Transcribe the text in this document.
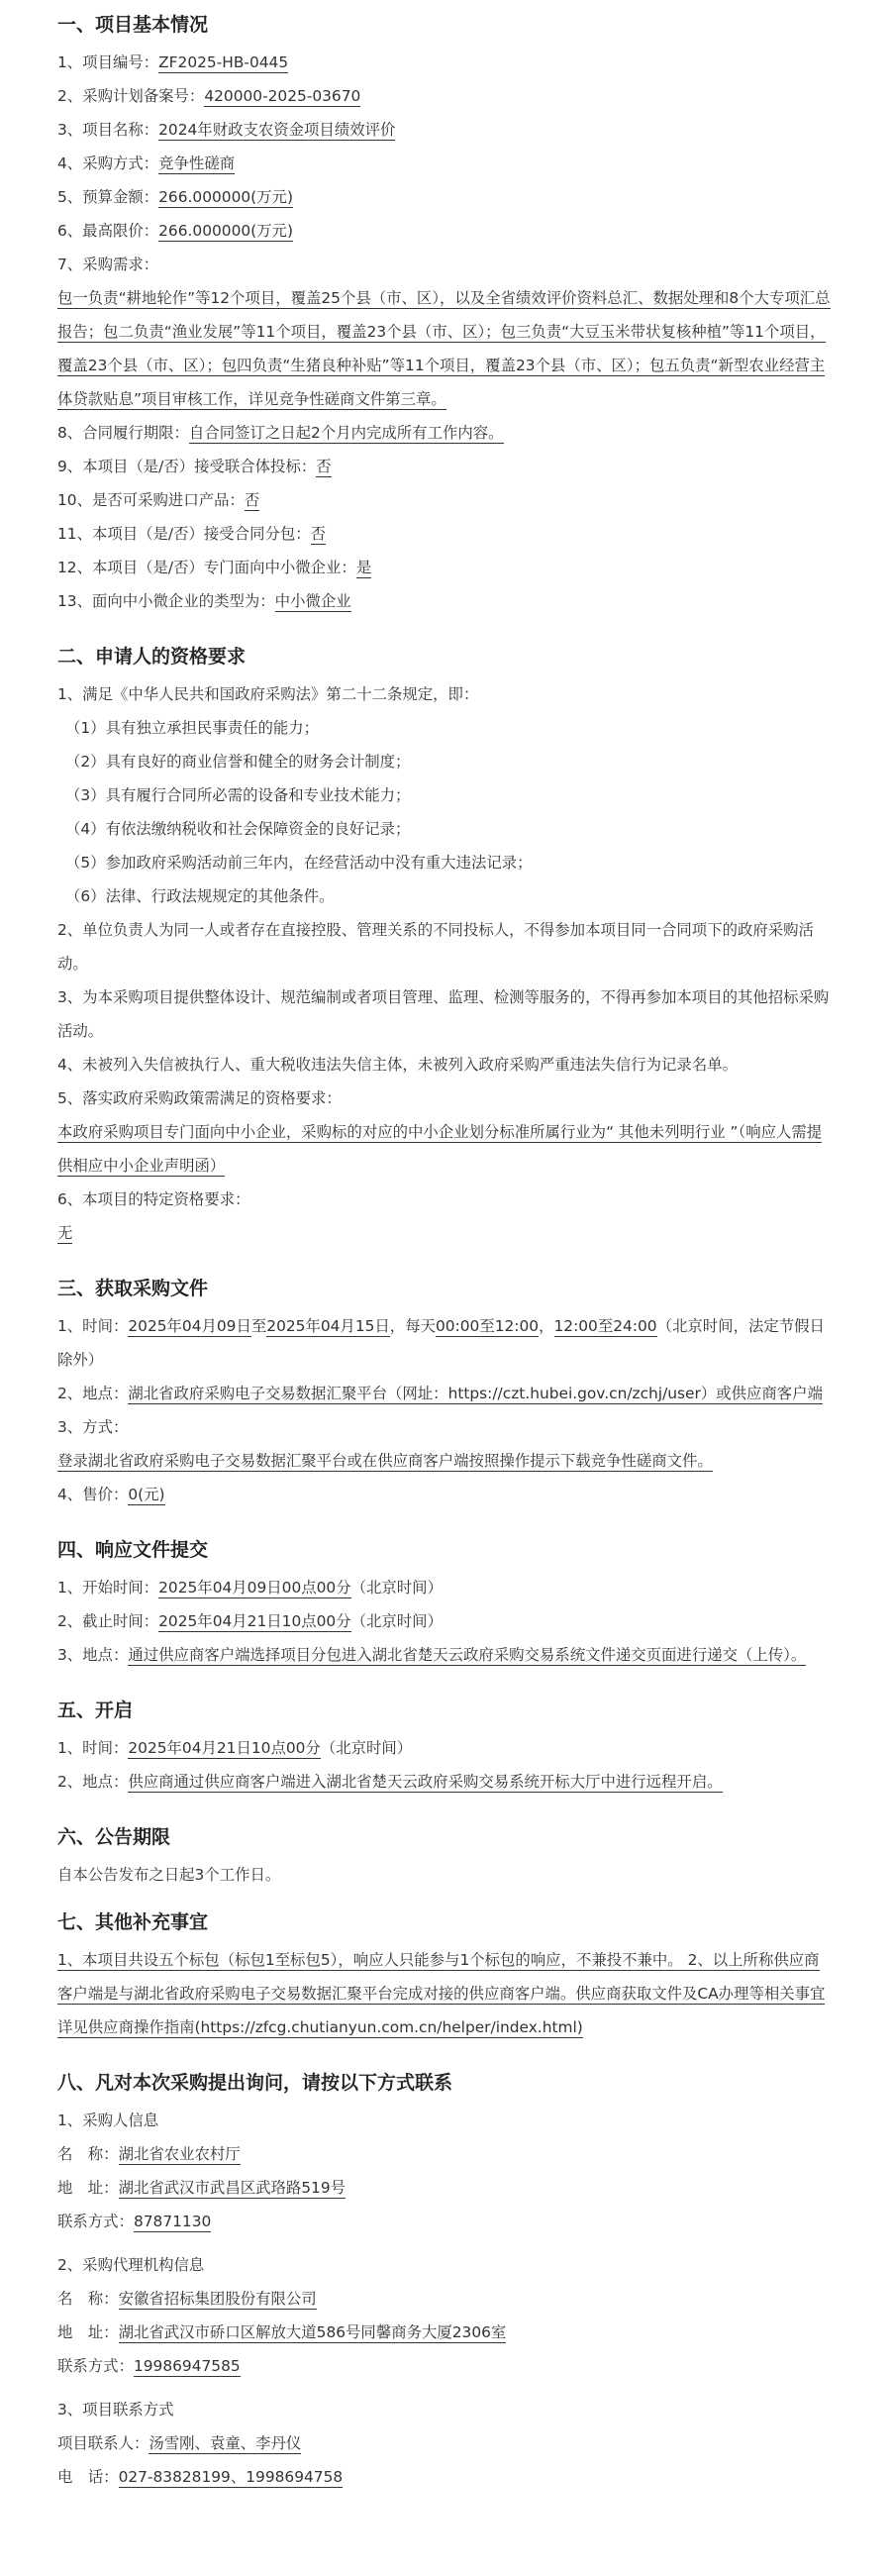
一、项目基本情况
1、项目编号：ZF2025-HB-0445
2、采购计划备案号：420000-2025-03670
3、项目名称：2024年财政支农资金项目绩效评价
4、采购方式：竞争性磋商
5、预算金额：266.000000(万元)
6、最高限价：266.000000(万元)
7、采购需求：
包一负责“耕地轮作”等12个项目，覆盖25个县（市、区），以及全省绩效评价资料总汇、数据处理和8个大专项汇总报告；包二负责“渔业发展”等11个项目，覆盖23个县（市、区）；包三负责“大豆玉米带状复核种植”等11个项目，覆盖23个县（市、区）；包四负责“生猪良种补贴”等11个项目，覆盖23个县（市、区）；包五负责“新型农业经营主体贷款贴息”项目审核工作，详见竞争性磋商文件第三章。
8、合同履行期限：自合同签订之日起2个月内完成所有工作内容。
9、本项目（是/否）接受联合体投标：否
10、是否可采购进口产品：否
11、本项目（是/否）接受合同分包：否
12、本项目（是/否）专门面向中小微企业：是
13、面向中小微企业的类型为：中小微企业
二、申请人的资格要求
1、满足《中华人民共和国政府采购法》第二十二条规定，即：
（1）具有独立承担民事责任的能力；
（2）具有良好的商业信誉和健全的财务会计制度；
（3）具有履行合同所必需的设备和专业技术能力；
（4）有依法缴纳税收和社会保障资金的良好记录；
（5）参加政府采购活动前三年内，在经营活动中没有重大违法记录；
（6）法律、行政法规规定的其他条件。
2、单位负责人为同一人或者存在直接控股、管理关系的不同投标人，不得参加本项目同一合同项下的政府采购活动。
3、为本采购项目提供整体设计、规范编制或者项目管理、监理、检测等服务的，不得再参加本项目的其他招标采购活动。
4、未被列入失信被执行人、重大税收违法失信主体，未被列入政府采购严重违法失信行为记录名单。
5、落实政府采购政策需满足的资格要求：
本政府采购项目专门面向中小企业，采购标的对应的中小企业划分标准所属行业为“ 其他未列明行业 ”（响应人需提供相应中小企业声明函）
6、本项目的特定资格要求：
无
三、获取采购文件
1、时间：2025年04月09日至2025年04月15日，每天00:00至12:00，12:00至24:00（北京时间，法定节假日除外）
2、地点：湖北省政府采购电子交易数据汇聚平台（网址：https://czt.hubei.gov.cn/zchj/user）或供应商客户端
3、方式：
登录湖北省政府采购电子交易数据汇聚平台或在供应商客户端按照操作提示下载竞争性磋商文件。
4、售价：0(元)
四、响应文件提交
1、开始时间：2025年04月09日00点00分（北京时间）
2、截止时间：2025年04月21日10点00分（北京时间）
3、地点：通过供应商客户端选择项目分包进入湖北省楚天云政府采购交易系统文件递交页面进行递交（上传）。
五、开启
1、时间：2025年04月21日10点00分（北京时间）
2、地点：供应商通过供应商客户端进入湖北省楚天云政府采购交易系统开标大厅中进行远程开启。
六、公告期限
自本公告发布之日起3个工作日。
七、其他补充事宜
1、本项目共设五个标包（标包1至标包5），响应人只能参与1个标包的响应，不兼投不兼中。 2、以上所称供应商客户端是与湖北省政府采购电子交易数据汇聚平台完成对接的供应商客户端。供应商获取文件及CA办理等相关事宜详见供应商操作指南(https://zfcg.chutianyun.com.cn/helper/index.html)
八、凡对本次采购提出询问，请按以下方式联系
1、采购人信息
名　称：湖北省农业农村厅
地　址：湖北省武汉市武昌区武珞路519号
联系方式：87871130
2、采购代理机构信息
名　称：安徽省招标集团股份有限公司
地　址：湖北省武汉市硚口区解放大道586号同馨商务大厦2306室
联系方式：19986947585
3、项目联系方式
项目联系人：汤雪刚、袁童、李丹仪
电　话：027-83828199、1998694758
